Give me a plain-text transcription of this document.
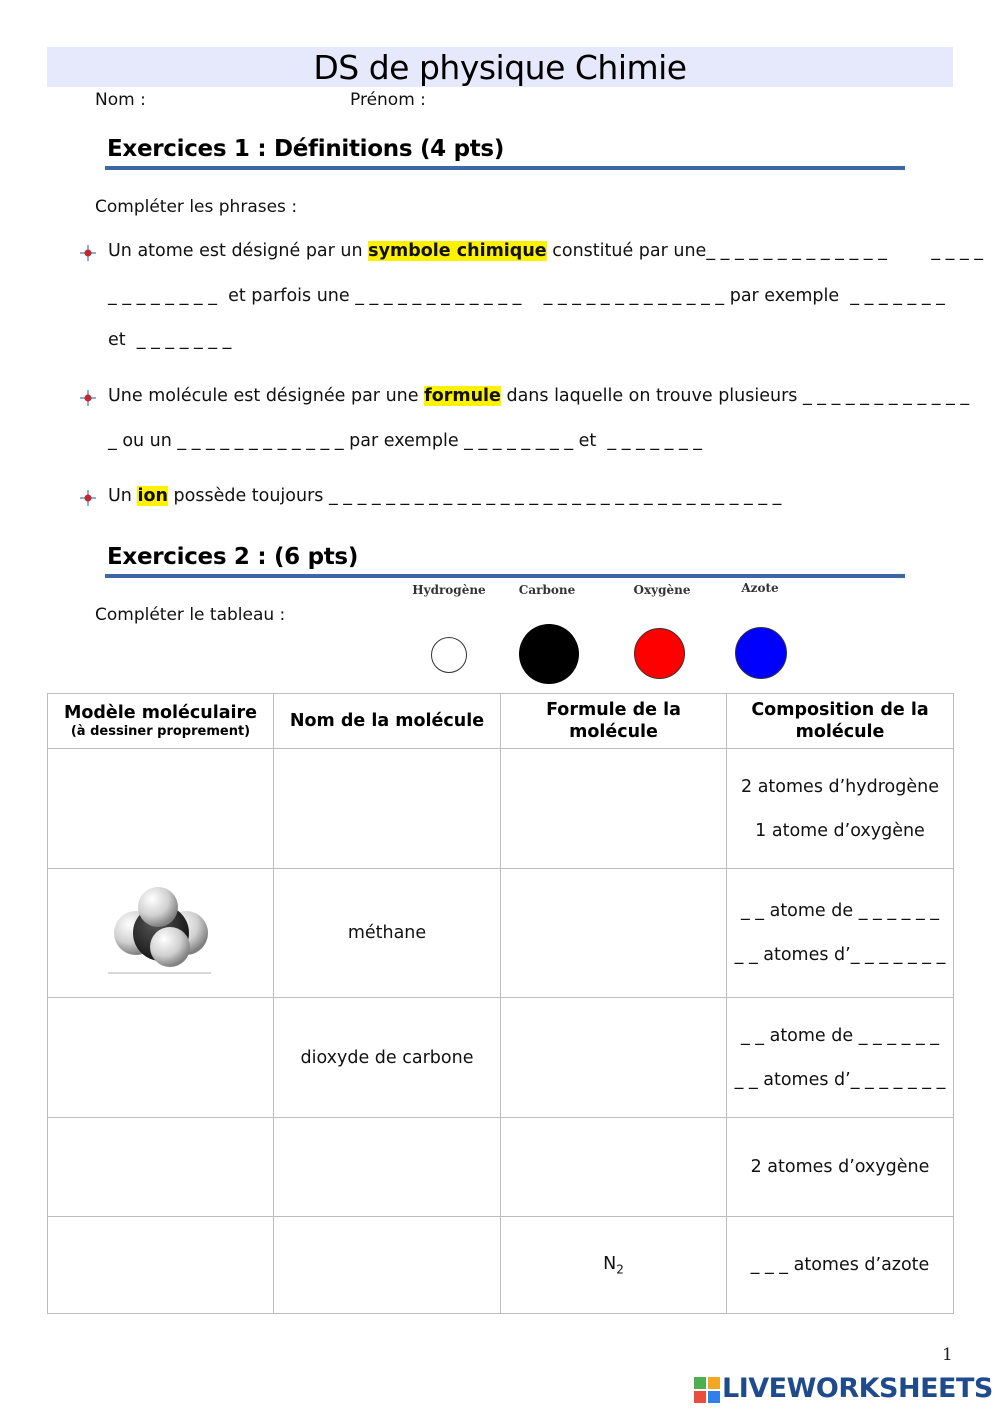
DS de physique Chimie
Nom :	Prénom :
Exercices 1 : Définitions (4 pts)
Compléter les phrases :
Un atome est désigné par un symbole chimique constitué par une_ _ _ _ _ _ _ _ _ _ _ _ _        _ _ _ _
_ _ _ _ _ _ _ _  et parfois une _ _ _ _ _ _ _ _ _ _ _ _    _ _ _ _ _ _ _ _ _ _ _ _ _ par exemple  _ _ _ _ _ _ _
et  _ _ _ _ _ _ _
Une molécule est désignée par une formule dans laquelle on trouve plusieurs _ _ _ _ _ _ _ _ _ _ _ _
_ ou un _ _ _ _ _ _ _ _ _ _ _ _ par exemple _ _ _ _ _ _ _ _ et  _ _ _ _ _ _ _
Un ion possède toujours _ _ _ _ _ _ _ _ _ _ _ _ _ _ _ _ _ _ _ _ _ _ _ _ _ _ _ _ _ _ _ _
Exercices 2 : (6 pts)
Compléter le tableau :
Hydrogène	Carbone	Oxygène	Azote
Modèle moléculaire
(à dessiner proprement)	Nom de la molécule	Formule de la molécule	Composition de la molécule

			2 atomes d’hydrogène
1 atome d’oxygène

	méthane		_ _ atome de _ _ _ _ _ _
_ _ atomes d’_ _ _ _ _ _ _

	dioxyde de carbone		_ _ atome de _ _ _ _ _ _
_ _ atomes d’_ _ _ _ _ _ _

			2 atomes d’oxygène
		$N_2$	_ _ _ atomes d’azote
1
LIVEWORKSHEETS
